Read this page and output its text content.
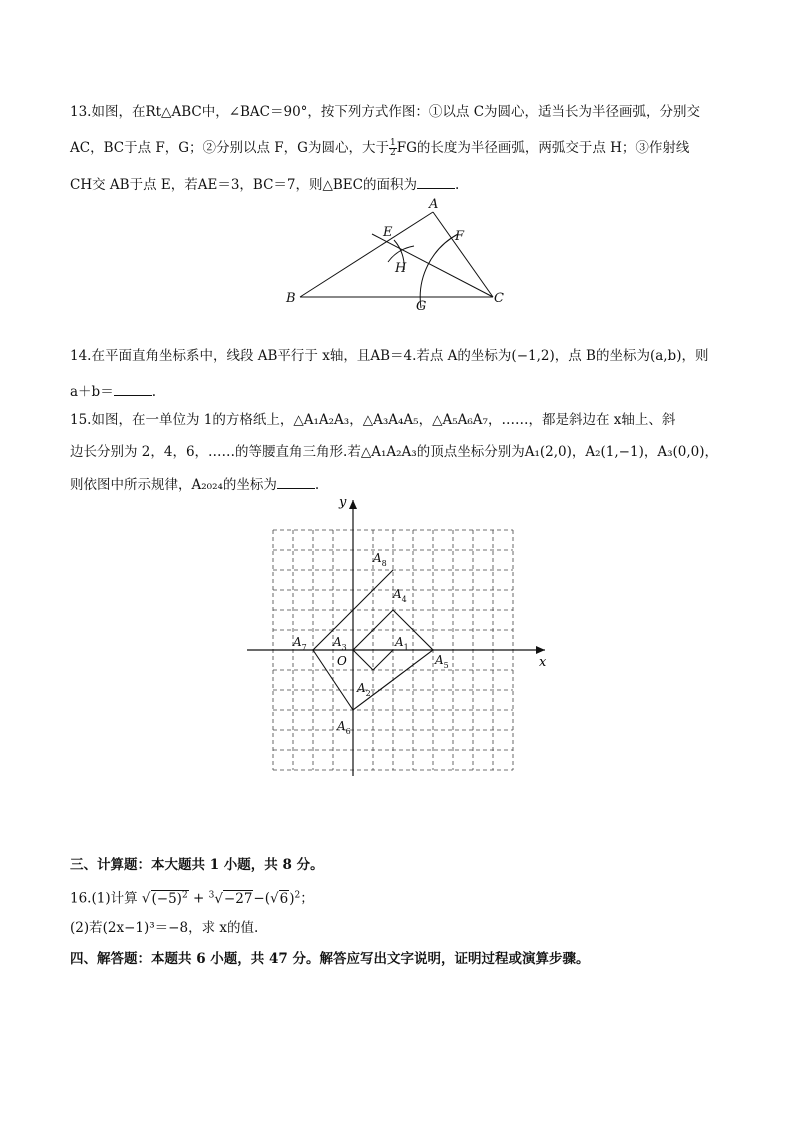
13.如图，在Rt△ABC中，∠BAC＝90°，按下列方式作图：①以点 C为圆心，适当长为半径画弧，分别交
AC，BC于点 F，G；②分别以点 F，G为圆心，大于 $\frac{1}{2}$ FG的长度为半径画弧，两弧交于点 H；③作射线
CH交 AB于点 E，若AE＝3，BC＝7，则△BEC的面积为	.
A
B	C
E	F
G
H
14.在平面直角坐标系中，线段 AB平行于 x轴，且AB＝4.若点 A的坐标为(−1,2)，点 B的坐标为(a,b)，则
a＋b＝	.
15.如图，在一单位为 1的方格纸上，△A₁A₂A₃，△A₃A₄A₅，△A₅A₆A₇，……，都是斜边在 x轴上、斜
边长分别为 2，4，6，……的等腰直角三角形.若△A₁A₂A₃的顶点坐标分别为A₁(2,0)，A₂(1,−1)，A₃(0,0)，
则依图中所示规律，A₂₀₂₄的坐标为	.
$A_1$
$A_2$
$A_3$
$A_4$
$A_5$
$A_6$
$A_7$
$A_8$
x
y
O
三、计算题：本大题共 1 小题，共 8 分。
16.(1)计算 $√(-5)^2 + ^3√-27-(√6)^2$；
(2)若(2x−1)³＝−8，求 x的值.
四、解答题：本题共 6 小题，共 47 分。解答应写出文字说明，证明过程或演算步骤。
